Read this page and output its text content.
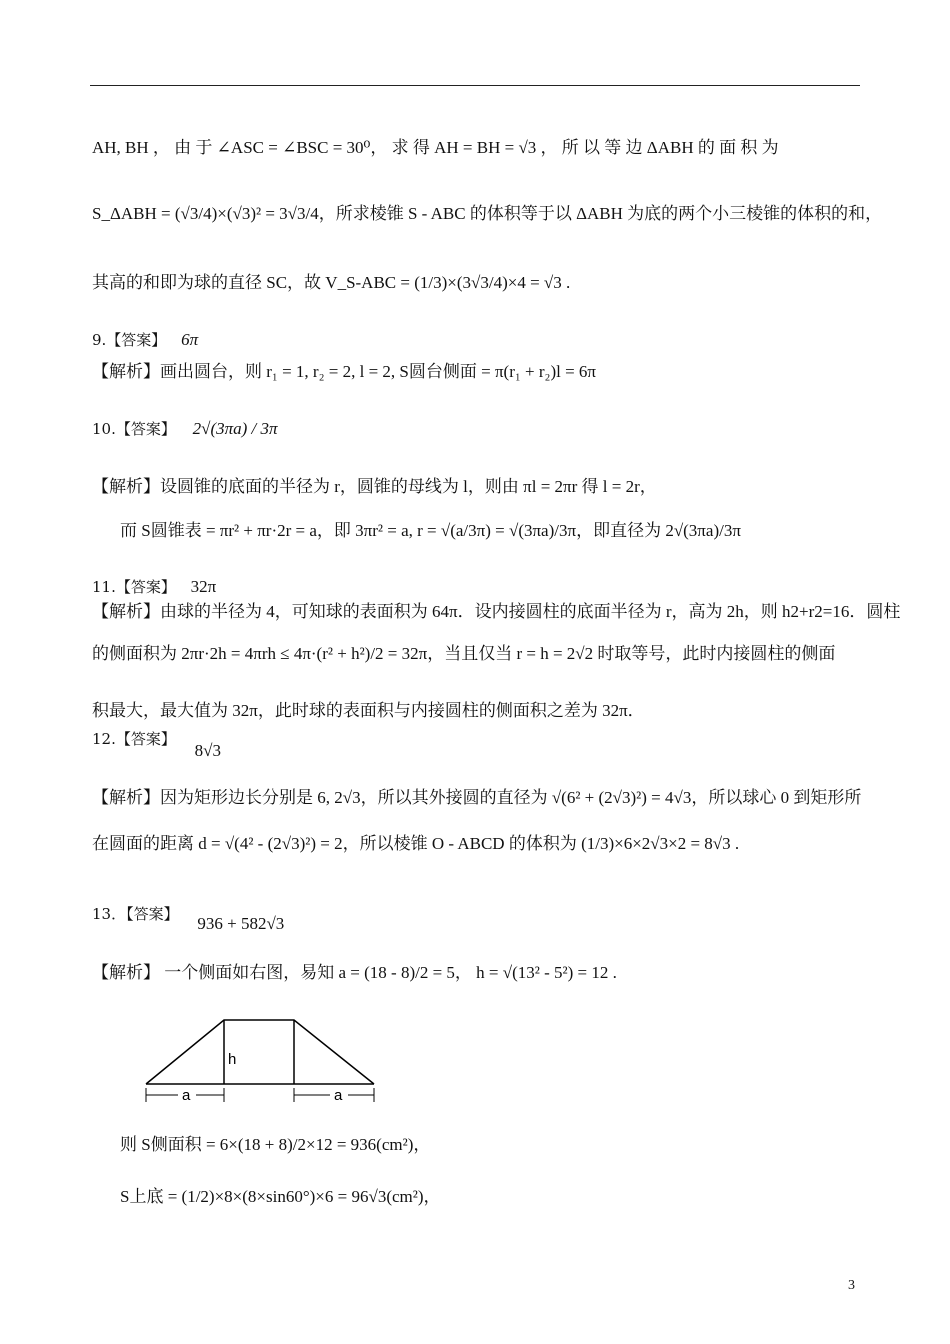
AH, BH ， 由 于 ∠ASC = ∠BSC = 30⁰， 求 得 AH = BH = √3 ， 所 以 等 边 ΔABH 的 面 积 为
S_ΔABH = (√3/4)×(√3)² = 3√3/4，所求棱锥 S - ABC 的体积等于以 ΔABH 为底的两个小三棱锥的体积的和，
其高的和即为球的直径 SC，故 V_S-ABC = (1/3)×(3√3/4)×4 = √3 .
9.【答案】 6π
【解析】画出圆台，则 r₁ = 1, r₂ = 2, l = 2, S圆台侧面 = π(r₁ + r₂)l = 6π
10.【答案】 2√(3πa) / 3π
【解析】设圆锥的底面的半径为 r，圆锥的母线为 l，则由 πl = 2πr 得 l = 2r，
而 S圆锥表 = πr² + πr·2r = a，即 3πr² = a, r = √(a/3π) = √(3πa)/3π，即直径为 2√(3πa)/3π
11.【答案】 32π
【解析】由球的半径为 4，可知球的表面积为 64π．设内接圆柱的底面半径为 r，高为 2h，则 h2+r2=16．圆柱
的侧面积为 2πr·2h = 4πrh ≤ 4π·(r² + h²)/2 = 32π，当且仅当 r = h = 2√2 时取等号，此时内接圆柱的侧面
积最大，最大值为 32π，此时球的表面积与内接圆柱的侧面积之差为 32π．
12.【答案】 8√3
【解析】因为矩形边长分别是 6, 2√3，所以其外接圆的直径为 √(6² + (2√3)²) = 4√3，所以球心 0 到矩形所
在圆面的距离 d = √(4² - (2√3)²) = 2，所以棱锥 O - ABCD 的体积为 (1/3)×6×2√3×2 = 8√3 .
13．【答案】 936 + 582√3
【解析】 一个侧面如右图，易知 a = (18 - 8)/2 = 5， h = √(13² - 5²) = 12 .
h
a	a
则 S侧面积 = 6×(18 + 8)/2×12 = 936(cm²)，
S上底 = (1/2)×8×(8×sin60°)×6 = 96√3(cm²)，
3
